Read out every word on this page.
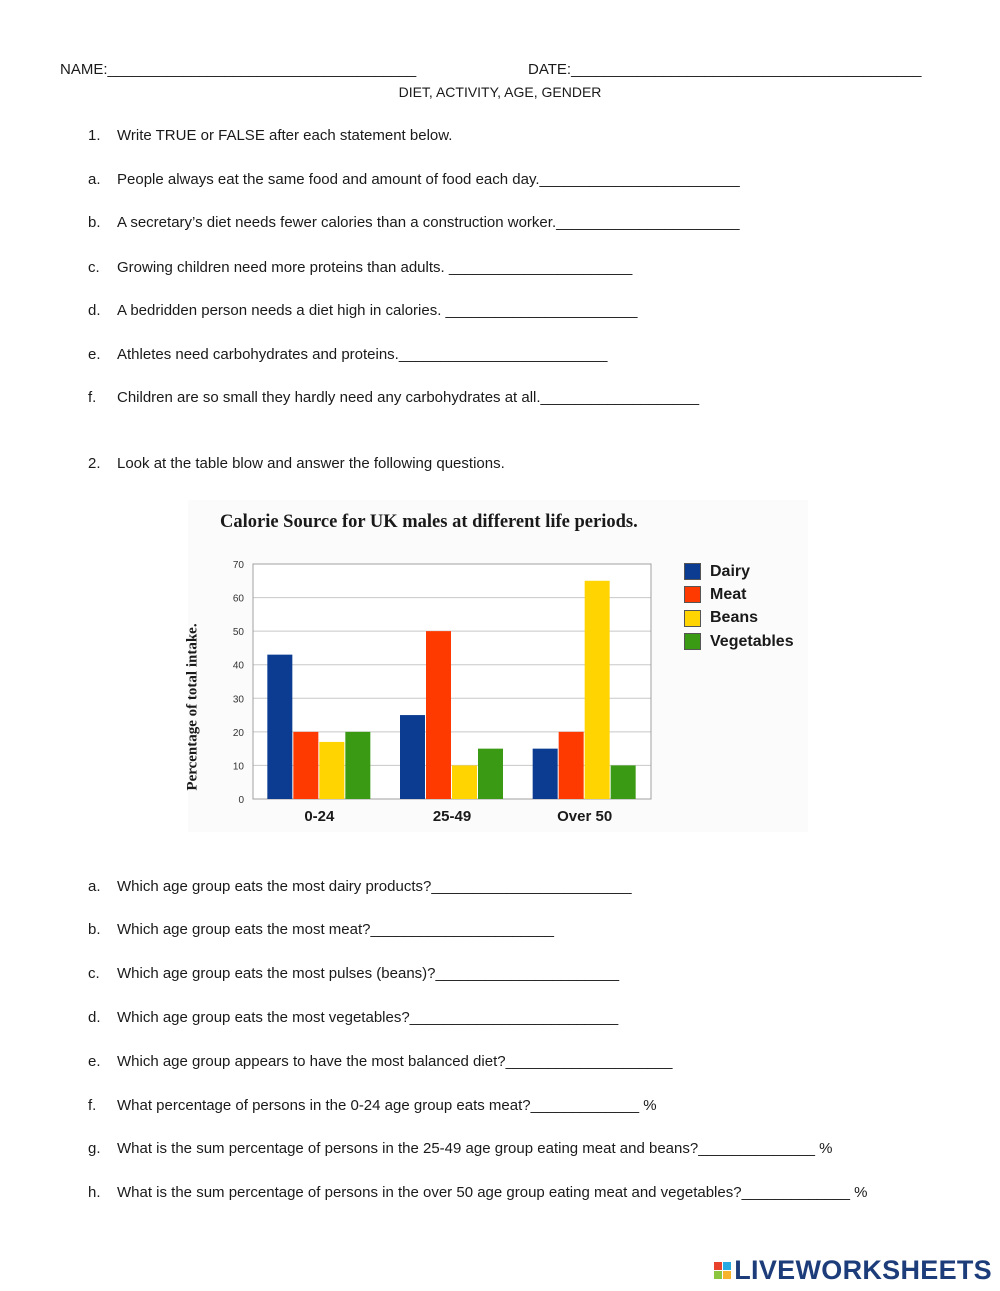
NAME:_____________________________________	DATE:__________________________________________
DIET, ACTIVITY, AGE, GENDER
1. Write TRUE or FALSE after each statement below.
a. People always eat the same food and amount of food each day.________________________
b. A secretary’s diet needs fewer calories than a construction worker.______________________
c. Growing children need more proteins than adults. ______________________
d. A bedridden person needs a diet high in calories. _______________________
e. Athletes need carbohydrates and proteins._________________________
f. Children are so small they hardly need any carbohydrates at all.___________________
2. Look at the table blow and answer the following questions.
Calorie Source for UK males at different life periods.
Percentage of total intake.
0
10
20
30
40
50
60
70
0-24	25-49	Over 50
Dairy
Meat
Beans
Vegetables
a. Which age group eats the most dairy products?________________________
b. Which age group eats the most meat?______________________
c. Which age group eats the most pulses (beans)?______________________
d. Which age group eats the most vegetables?_________________________
e. Which age group appears to have the most balanced diet?____________________
f. What percentage of persons in the 0-24 age group eats meat?_____________ %
g. What is the sum percentage of persons in the 25-49 age group eating meat and beans?______________ %
h. What is the sum percentage of persons in the over 50 age group eating meat and vegetables?_____________ %
LIVEWORKSHEETS
